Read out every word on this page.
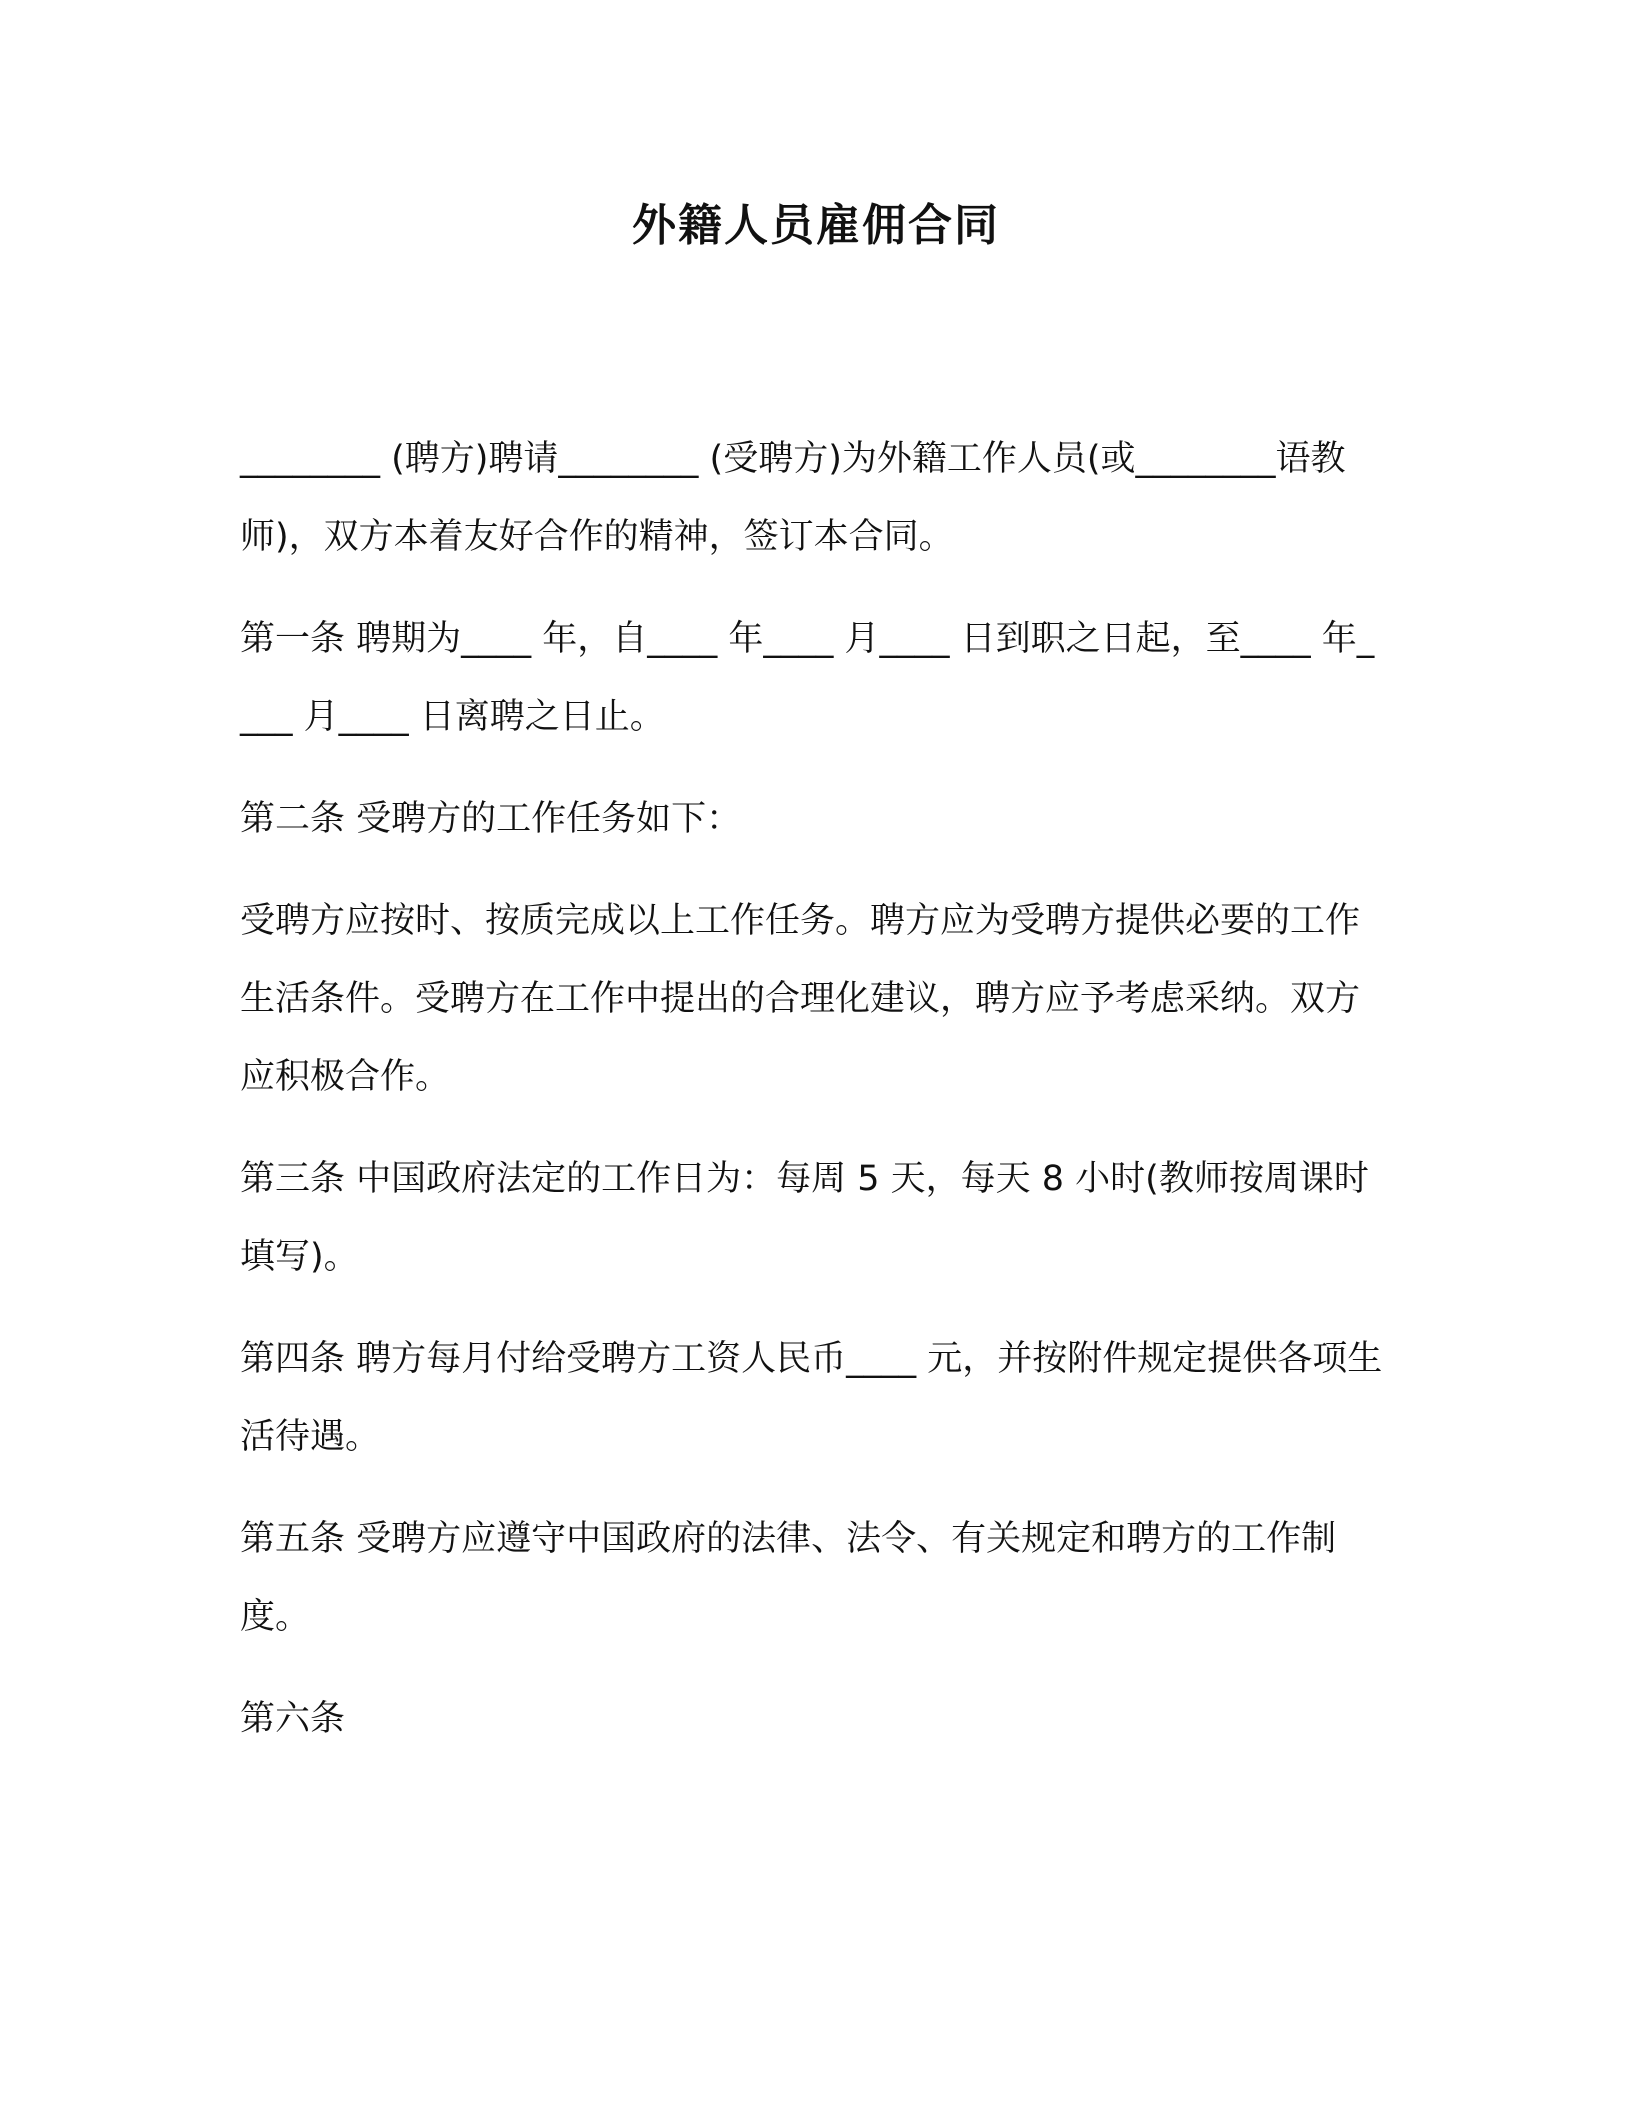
外籍人员雇佣合同

________ (聘方)聘请________ (受聘方)为外籍工作人员(或________语教师)，双方本着友好合作的精神，签订本合同。

第一条 聘期为____ 年，自____ 年____ 月____ 日到职之日起，至____ 年____ 月____ 日离聘之日止。

第二条 受聘方的工作任务如下：

受聘方应按时、按质完成以上工作任务。聘方应为受聘方提供必要的工作生活条件。受聘方在工作中提出的合理化建议，聘方应予考虑采纳。双方应积极合作。

第三条 中国政府法定的工作日为：每周 5 天，每天 8 小时(教师按周课时填写)。

第四条 聘方每月付给受聘方工资人民币____ 元，并按附件规定提供各项生活待遇。

第五条 受聘方应遵守中国政府的法律、法令、有关规定和聘方的工作制度。

第六条
